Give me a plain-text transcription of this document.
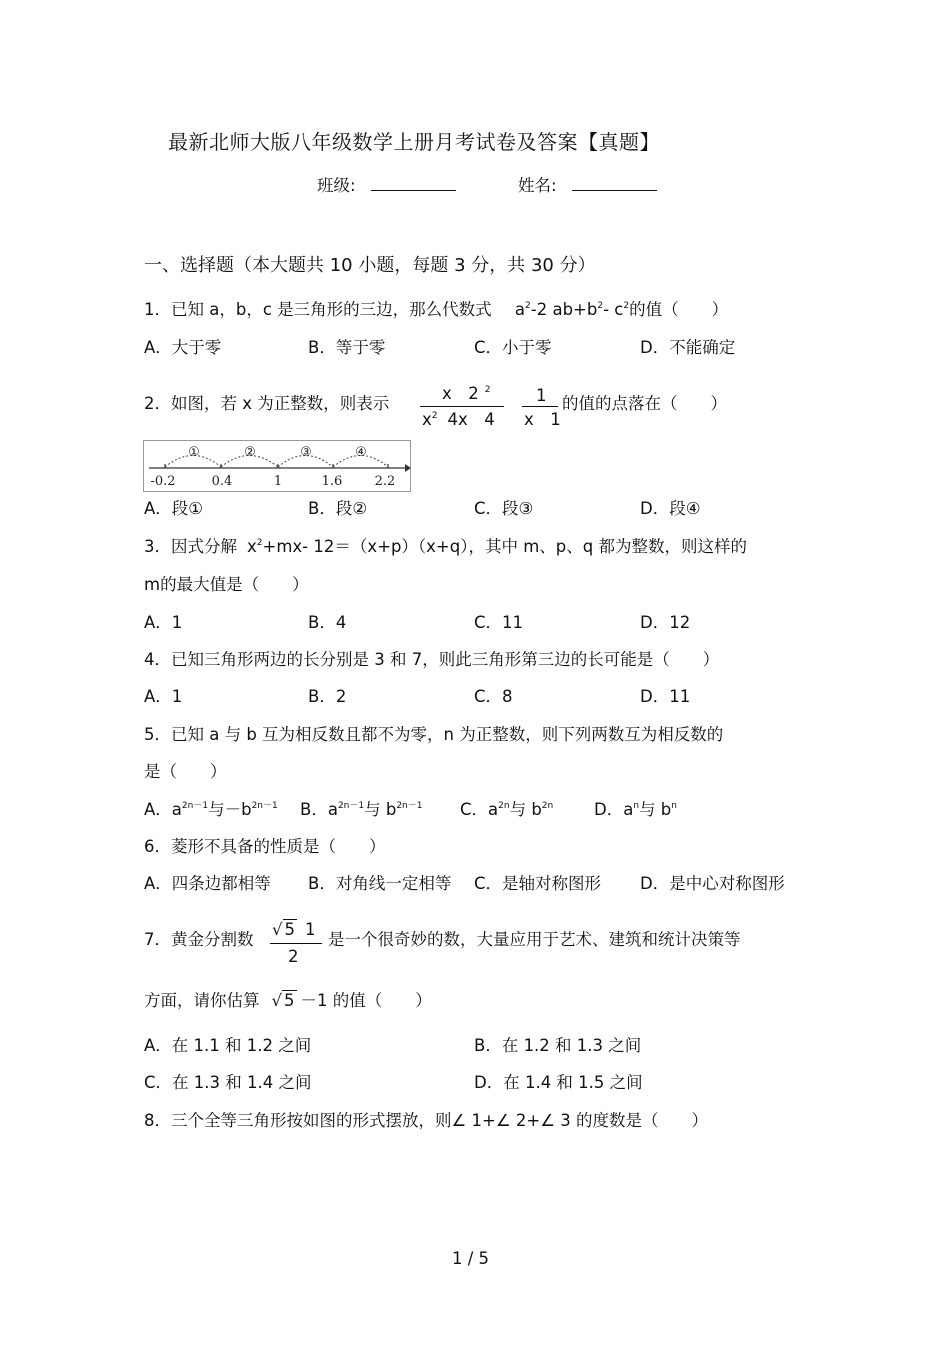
最新北师大版八年级数学上册月考试卷及答案【真题】
班级:	姓名:
一、选择题（本大题共 10 小题，每题 3 分，共 30 分）
1．已知 a，b，c 是三角形的三边，那么代数式 $a^2-2$ $ab+b^2-$ $c^2$的值（　　）
A．大于零	B．等于零	C．小于零	D．不能确定
2．如图，若 x 为正整数，则表示
x　2 $^2$
$x^2$ 4x　4
1
x　1
的值的点落在（　　）
①	②	③	④
-0.2	0.4	1	1.6 2.2
A．段①	B．段②	C．段③	D．段④
3．因式分解 $x^2+mx-$ 12＝（x+p）（x+q），其中 m、p、q 都为整数，则这样的
m的最大值是（　　）
A．1	B．4	C．11	D．12
4．已知三角形两边的长分别是 3 和 7，则此三角形第三边的长可能是（　　）
A．1	B．2	C．8	D．11
5．已知 a 与 b 互为相反数且都不为零，n 为正整数，则下列两数互为相反数的
是（　　）
A．$a^{2n-1}$与$-b^{2n-1}$ B．$a^{2n-1}$与 $b^{2n-1}$ C．$a^{2n}$与 $b^{2n}$ D．$a^n$与 $b^n$
6．菱形不具备的性质是（　　）
A．四条边都相等 B．对角线一定相等 C．是轴对称图形 D．是中心对称图形
7．黄金分割数
√ 5 1
2
是一个很奇妙的数，大量应用于艺术、建筑和统计决策等
方面，请你估算 √ 5 －1 的值（　　）
A．在 1.1 和 1.2 之间	B．在 1.2 和 1.3 之间
C．在 1.3 和 1.4 之间	D．在 1.4 和 1.5 之间
8．三个全等三角形按如图的形式摆放，则∠ 1+∠ 2+∠ 3 的度数是（　　）
1 / 5
